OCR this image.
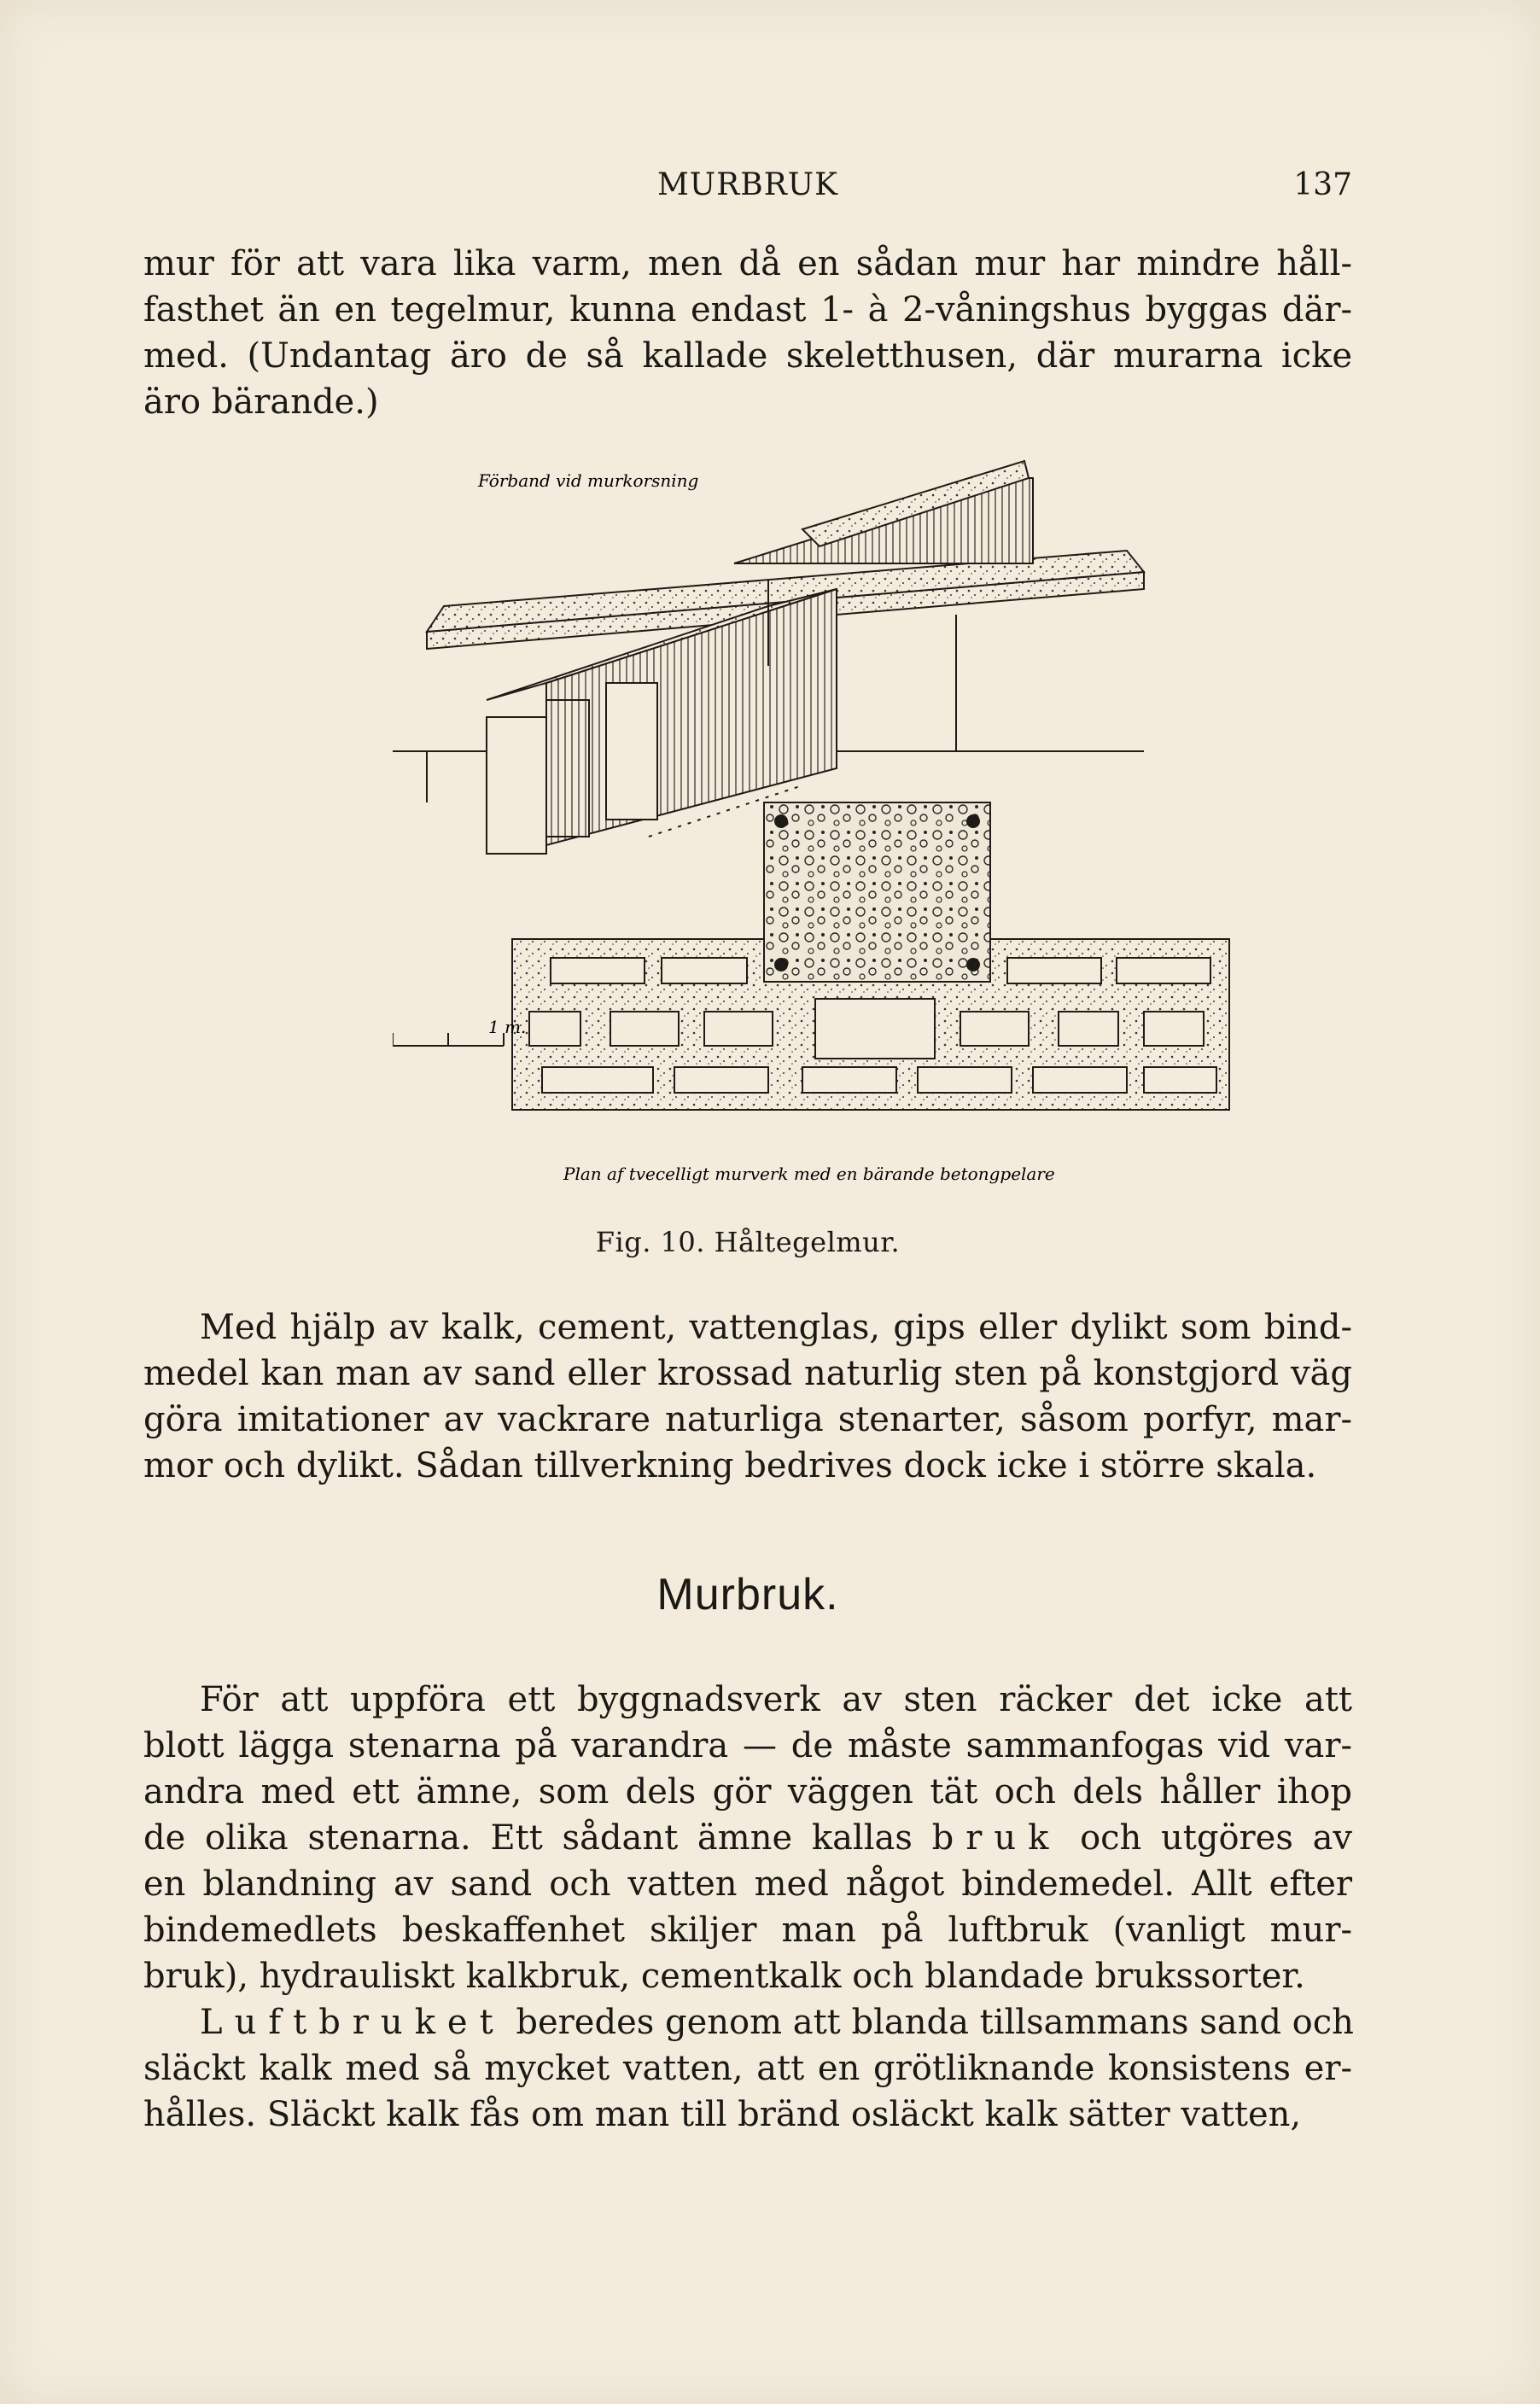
MURBRUK	137

mur för att vara lika varm, men då en sådan mur har mindre håll-
fasthet än en tegelmur, kunna endast 1- à 2-våningshus byggas där-
med. (Undantag äro de så kallade skeletthusen, där murarna icke
äro bärande.)

Förband vid murkorsning
1 m.
Plan af tvecelligt murverk med en bärande betongpelare
Fig. 10. Håltegelmur.

Med hjälp av kalk, cement, vattenglas, gips eller dylikt som bind-
medel kan man av sand eller krossad naturlig sten på konstgjord väg
göra imitationer av vackrare naturliga stenarter, såsom porfyr, mar-
mor och dylikt. Sådan tillverkning bedrives dock icke i större skala.

Murbruk.

För att uppföra ett byggnadsverk av sten räcker det icke att
blott lägga stenarna på varandra — de måste sammanfogas vid var-
andra med ett ämne, som dels gör väggen tät och dels håller ihop
de olika stenarna. Ett sådant ämne kallas bruk och utgöres av
en blandning av sand och vatten med något bindemedel. Allt efter
bindemedlets beskaffenhet skiljer man på luftbruk (vanligt mur-
bruk), hydrauliskt kalkbruk, cementkalk och blandade brukssorter.

Luftbruket beredes genom att blanda tillsammans sand och
släckt kalk med så mycket vatten, att en grötliknande konsistens er-
hålles. Släckt kalk fås om man till bränd osläckt kalk sätter vatten,
